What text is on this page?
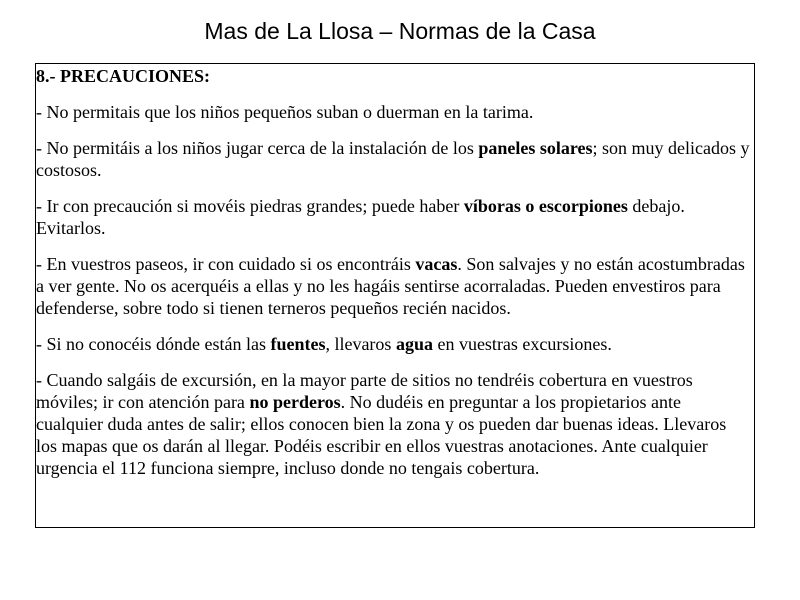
Mas de La Llosa – Normas de la Casa
8.- PRECAUCIONES:
- No permitais que los niños pequeños suban o duerman en la tarima.
- No permitáis a los niños jugar cerca de la instalación de los paneles solares; son muy delicados y costosos.
- Ir con precaución si movéis piedras grandes; puede haber víboras o escorpiones debajo. Evitarlos.
- En vuestros paseos, ir con cuidado si os encontráis vacas. Son salvajes y no están acostumbradas a ver gente. No os acerquéis a ellas y no les hagáis sentirse acorraladas. Pueden envestiros para defenderse, sobre todo si tienen terneros pequeños recién nacidos.
- Si no conocéis dónde están las fuentes, llevaros agua en vuestras excursiones.
- Cuando salgáis de excursión, en la mayor parte de sitios no tendréis cobertura en vuestros móviles; ir con atención para no perderos. No dudéis en preguntar a los propietarios ante cualquier duda antes de salir; ellos conocen bien la zona y os pueden dar buenas ideas. Llevaros los mapas que os darán al llegar. Podéis escribir en ellos vuestras anotaciones. Ante cualquier urgencia el 112 funciona siempre, incluso donde no tengais cobertura.
